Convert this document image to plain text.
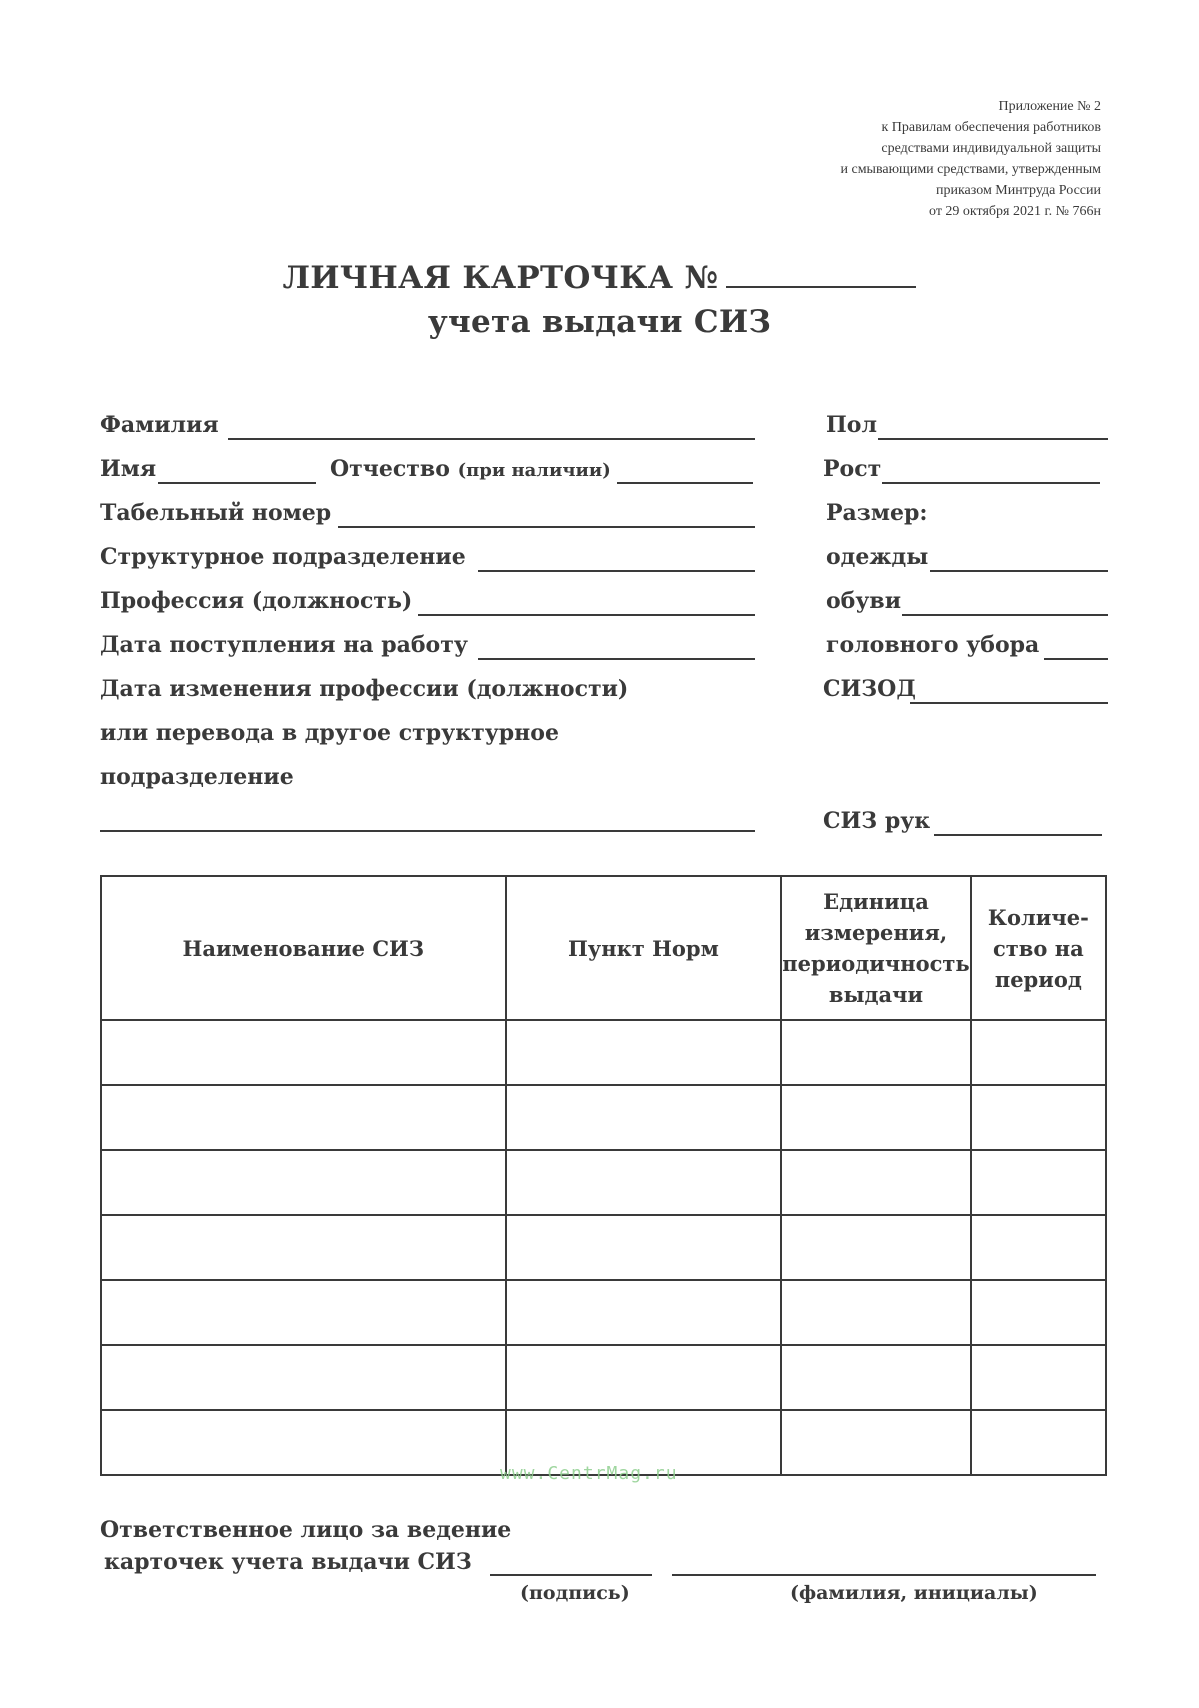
Приложение № 2
к Правилам обеспечения работников
средствами индивидуальной защиты
и смывающими средствами, утвержденным
приказом Минтруда России
от 29 октября 2021 г. № 766н
ЛИЧНАЯ КАРТОЧКА №
учета выдачи СИЗ
Фамилия
Имя	Отчество (при наличии)
Табельный номер
Структурное подразделение
Профессия (должность)
Дата поступления на работу
Дата изменения профессии (должности)
или перевода в другое структурное
подразделение
Пол
Рост
Размер:
одежды
обуви
головного убора
СИЗОД
СИЗ рук
Наименование СИЗ	Пункт Норм	Единица измерения, периодичность выдачи	Количе-ство на период

www.CentrMag.ru
Ответственное лицо за ведение
карточек учета выдачи СИЗ
(подпись)	(фамилия, инициалы)
